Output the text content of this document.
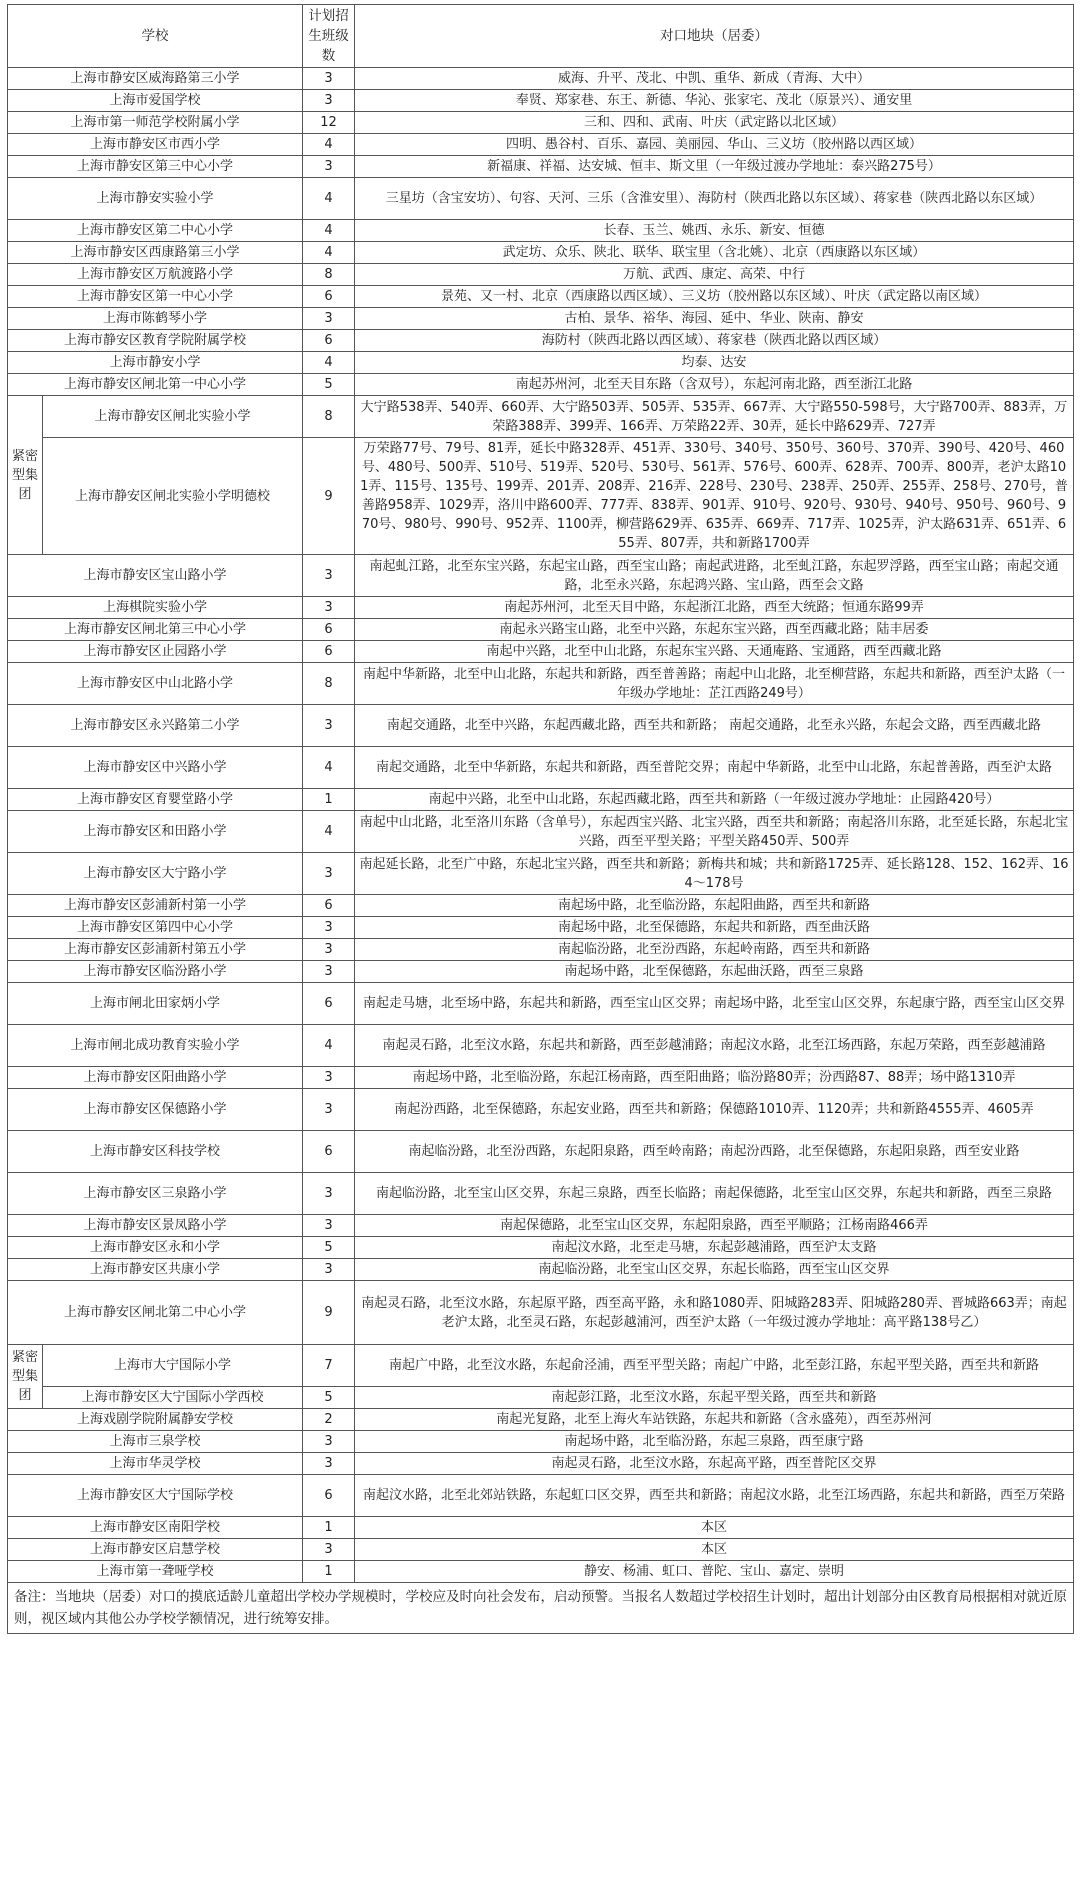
学校		计划招生班级数	对口地块（居委）
上海市静安区威海路第三小学		3	威海、升平、茂北、中凯、重华、新成（青海、大中）
上海市爱国学校		3	奉贤、郑家巷、东王、新德、华沁、张家宅、茂北（原景兴）、通安里
上海市第一师范学校附属小学		12	三和、四和、武南、叶庆（武定路以北区域）
上海市静安区市西小学		4	四明、愚谷村、百乐、嘉园、美丽园、华山、三义坊（胶州路以西区域）
上海市静安区第三中心小学		3	新福康、祥福、达安城、恒丰、斯文里（一年级过渡办学地址：泰兴路275号）
上海市静安实验小学		4	三星坊（含宝安坊）、句容、天河、三乐（含淮安里）、海防村（陕西北路以东区域）、蒋家巷（陕西北路以东区域）
上海市静安区第二中心小学		4	长春、玉兰、姚西、永乐、新安、恒德
上海市静安区西康路第三小学		4	武定坊、众乐、陕北、联华、联宝里（含北姚）、北京（西康路以东区域）
上海市静安区万航渡路小学		8	万航、武西、康定、高荣、中行
上海市静安区第一中心小学		6	景苑、又一村、北京（西康路以西区域）、三义坊（胶州路以东区域）、叶庆（武定路以南区域）
上海市陈鹤琴小学		3	古柏、景华、裕华、海园、延中、华业、陕南、静安
上海市静安区教育学院附属学校		6	海防村（陕西北路以西区域）、蒋家巷（陕西北路以西区域）
上海市静安小学		4	均泰、达安
上海市静安区闸北第一中心小学		5	南起苏州河，北至天目东路（含双号），东起河南北路，西至浙江北路
紧密型集团	上海市静安区闸北实验小学	8	大宁路538弄、540弄、660弄、大宁路503弄、505弄、535弄、667弄、大宁路550-598号，大宁路700弄、883弄，万荣路388弄、399弄、166弄、万荣路22弄、30弄，延长中路629弄、727弄
	上海市静安区闸北实验小学明德校	9	万荣路77号、79号、81弄，延长中路328弄、451弄、330号、340号、350号、360号、370弄、390号、420号、460号、480号、500弄、510号、519弄、520号、530号、561弄、576号、600弄、628弄、700弄、800弄，老沪太路101弄、115号、135号、199弄、201弄、208弄、216弄、228号、230号、238弄、250弄、255弄、258号、270号，普善路958弄、1029弄，洛川中路600弄、777弄、838弄、901弄、910号、920号、930号、940号、950号、960号、970号、980号、990号、952弄、1100弄，柳营路629弄、635弄、669弄、717弄、1025弄，沪太路631弄、651弄、655弄、807弄，共和新路1700弄
上海市静安区宝山路小学		3	南起虬江路，北至东宝兴路，东起宝山路，西至宝山路；南起武进路，北至虬江路，东起罗浮路，西至宝山路；南起交通路，北至永兴路，东起鸿兴路、宝山路，西至会文路
上海棋院实验小学		3	南起苏州河，北至天目中路，东起浙江北路，西至大统路；恒通东路99弄
上海市静安区闸北第三中心小学		6	南起永兴路宝山路，北至中兴路，东起东宝兴路，西至西藏北路；陆丰居委
上海市静安区止园路小学		6	南起中兴路，北至中山北路，东起东宝兴路、天通庵路、宝通路，西至西藏北路
上海市静安区中山北路小学		8	南起中华新路，北至中山北路，东起共和新路，西至普善路；南起中山北路，北至柳营路，东起共和新路，西至沪太路（一年级办学地址：芷江西路249号）
上海市静安区永兴路第二小学		3	南起交通路，北至中兴路，东起西藏北路，西至共和新路； 南起交通路，北至永兴路，东起会文路，西至西藏北路
上海市静安区中兴路小学		4	南起交通路，北至中华新路，东起共和新路，西至普陀交界；南起中华新路，北至中山北路，东起普善路，西至沪太路
上海市静安区育婴堂路小学		1	南起中兴路，北至中山北路，东起西藏北路，西至共和新路（一年级过渡办学地址：止园路420号）
上海市静安区和田路小学		4	南起中山北路，北至洛川东路（含单号），东起西宝兴路、北宝兴路，西至共和新路；南起洛川东路，北至延长路，东起北宝兴路，西至平型关路；平型关路450弄、500弄
上海市静安区大宁路小学		3	南起延长路，北至广中路，东起北宝兴路，西至共和新路；新梅共和城；共和新路1725弄、延长路128、152、162弄、164～178号
上海市静安区彭浦新村第一小学		6	南起场中路，北至临汾路，东起阳曲路，西至共和新路
上海市静安区第四中心小学		3	南起场中路，北至保德路，东起共和新路，西至曲沃路
上海市静安区彭浦新村第五小学		3	南起临汾路，北至汾西路，东起岭南路，西至共和新路
上海市静安区临汾路小学		3	南起场中路，北至保德路，东起曲沃路，西至三泉路
上海市闸北田家炳小学		6	南起走马塘，北至场中路，东起共和新路，西至宝山区交界；南起场中路，北至宝山区交界，东起康宁路，西至宝山区交界
上海市闸北成功教育实验小学		4	南起灵石路，北至汶水路，东起共和新路，西至彭越浦路；南起汶水路，北至江场西路，东起万荣路，西至彭越浦路
上海市静安区阳曲路小学		3	南起场中路，北至临汾路，东起江杨南路，西至阳曲路；临汾路80弄；汾西路87、88弄；场中路1310弄
上海市静安区保德路小学		3	南起汾西路，北至保德路，东起安业路，西至共和新路；保德路1010弄、1120弄；共和新路4555弄、4605弄
上海市静安区科技学校		6	南起临汾路，北至汾西路，东起阳泉路，西至岭南路；南起汾西路，北至保德路，东起阳泉路，西至安业路
上海市静安区三泉路小学		3	南起临汾路，北至宝山区交界，东起三泉路，西至长临路；南起保德路，北至宝山区交界，东起共和新路，西至三泉路
上海市静安区景凤路小学		3	南起保德路，北至宝山区交界，东起阳泉路，西至平顺路；江杨南路466弄
上海市静安区永和小学		5	南起汶水路，北至走马塘，东起彭越浦路，西至沪太支路
上海市静安区共康小学		3	南起临汾路，北至宝山区交界，东起长临路，西至宝山区交界
上海市静安区闸北第二中心小学		9	南起灵石路，北至汶水路，东起原平路，西至高平路，永和路1080弄、阳城路283弄、阳城路280弄、晋城路663弄；南起老沪太路，北至灵石路，东起彭越浦河，西至沪太路（一年级过渡办学地址：高平路138号乙）
紧密型集团	上海市大宁国际小学	7	南起广中路，北至汶水路，东起俞泾浦，西至平型关路；南起广中路，北至彭江路，东起平型关路，西至共和新路
	上海市静安区大宁国际小学西校	5	南起彭江路，北至汶水路，东起平型关路，西至共和新路
上海戏剧学院附属静安学校		2	南起光复路，北至上海火车站铁路，东起共和新路（含永盛苑），西至苏州河
上海市三泉学校		3	南起场中路，北至临汾路，东起三泉路，西至康宁路
上海市华灵学校		3	南起灵石路，北至汶水路，东起高平路，西至普陀区交界
上海市静安区大宁国际学校		6	南起汶水路，北至北郊站铁路，东起虹口区交界，西至共和新路；南起汶水路，北至江场西路，东起共和新路，西至万荣路
上海市静安区南阳学校		1	本区
上海市静安区启慧学校		3	本区
上海市第一聋哑学校		1	静安、杨浦、虹口、普陀、宝山、嘉定、崇明
备注：当地块（居委）对口的摸底适龄儿童超出学校办学规模时，学校应及时向社会发布，启动预警。当报名人数超过学校招生计划时，超出计划部分由区教育局根据相对就近原则，视区域内其他公办学校学额情况，进行统筹安排。			
